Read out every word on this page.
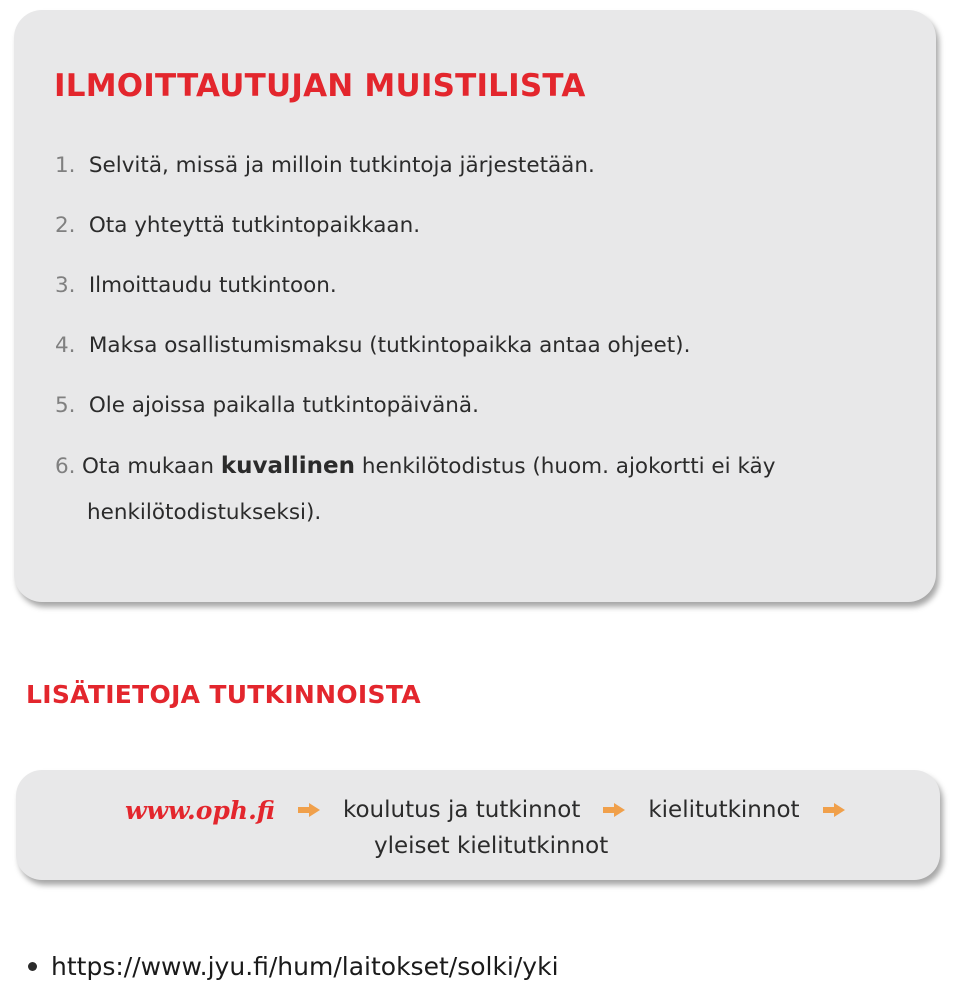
ILMOITTAUTUJAN MUISTILISTA
1. Selvitä, missä ja milloin tutkintoja järjestetään.
2. Ota yhteyttä tutkintopaikkaan.
3. Ilmoittaudu tutkintoon.
4. Maksa osallistumismaksu (tutkintopaikka antaa ohjeet).
5. Ole ajoissa paikalla tutkintopäivänä.
6. Ota mukaan kuvallinen henkilötodistus (huom. ajokortti ei käy
henkilötodistukseksi).
LISÄTIETOJA TUTKINNOISTA
www.oph.fi	koulutus ja tutkinnot	kielitutkinnot
yleiset kielitutkinnot
https://www.jyu.fi/hum/laitokset/solki/yki
